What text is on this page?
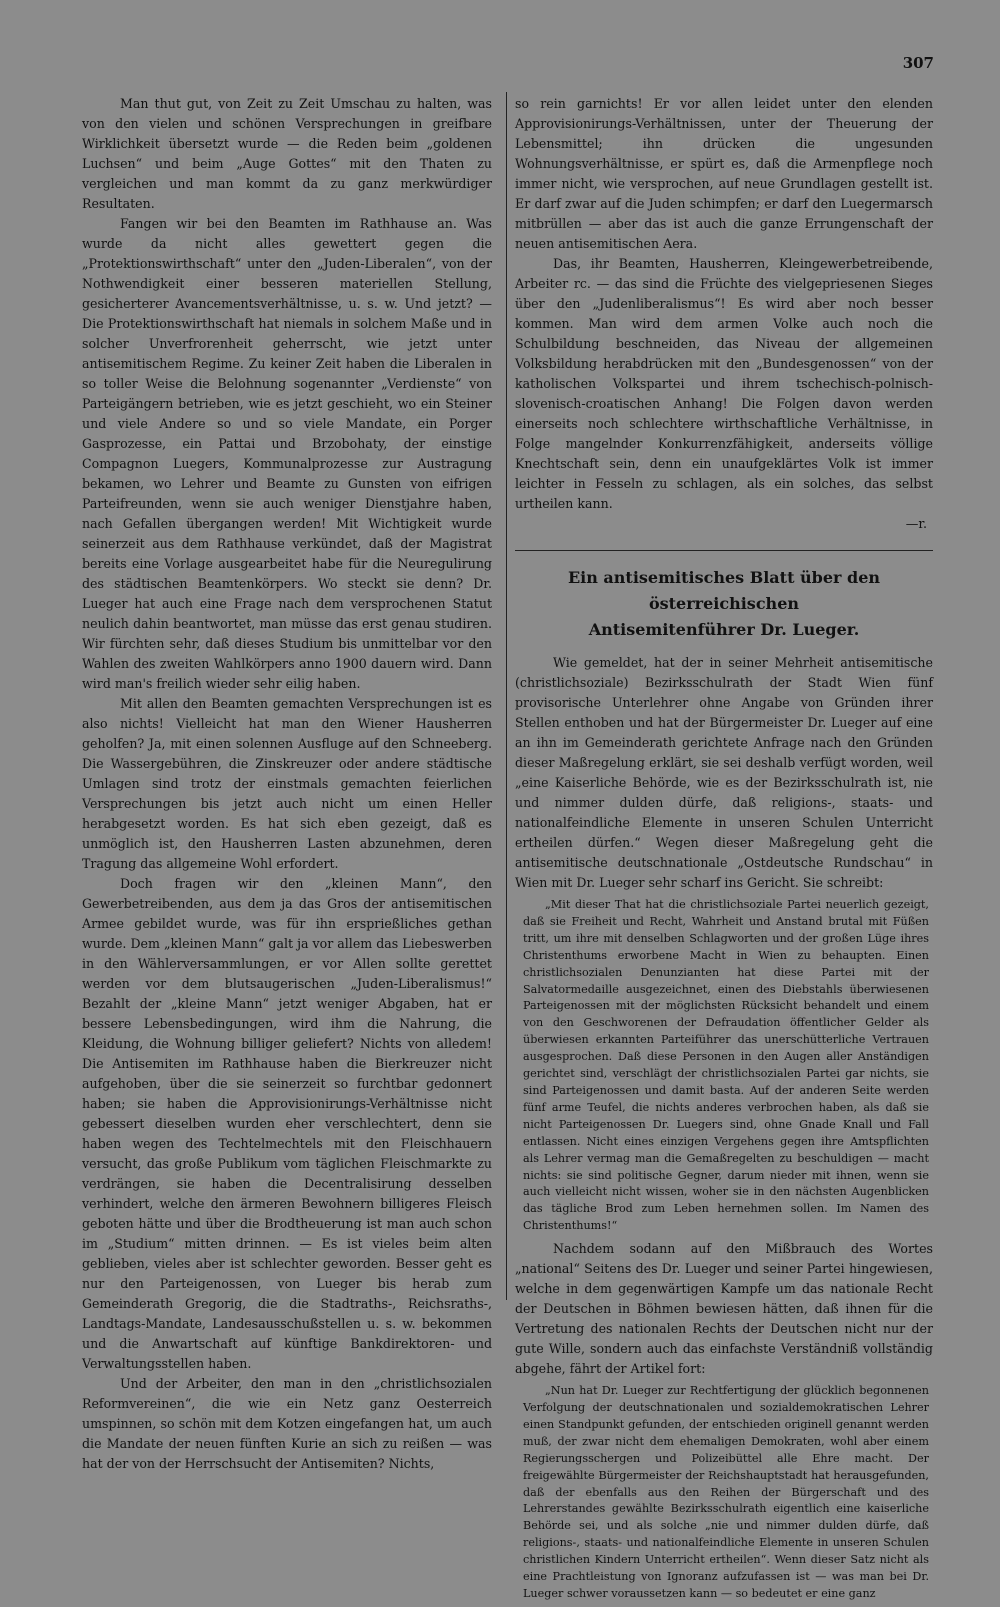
307

Man thut gut, von Zeit zu Zeit Umschau zu halten, was von den vielen und schönen Versprechungen in greifbare Wirklichkeit übersetzt wurde — die Reden beim „goldenen Luchsen“ und beim „Auge Gottes“ mit den Thaten zu vergleichen und man kommt da zu ganz merkwürdiger Resultaten.

Fangen wir bei den Beamten im Rathhause an. Was wurde da nicht alles gewettert gegen die „Protektionswirthschaft“ unter den „Juden-Liberalen“, von der Nothwendigkeit einer besseren materiellen Stellung, gesicherterer Avancementsverhältnisse, u. s. w. Und jetzt? — Die Protektionswirthschaft hat niemals in solchem Maße und in solcher Unverfrorenheit geherrscht, wie jetzt unter antisemitischem Regime. Zu keiner Zeit haben die Liberalen in so toller Weise die Belohnung sogenannter „Verdienste“ von Parteigängern betrieben, wie es jetzt geschieht, wo ein Steiner und viele Andere so und so viele Mandate, ein Porger Gasprozesse, ein Pattai und Brzobohaty, der einstige Compagnon Luegers, Kommunalprozesse zur Austragung bekamen, wo Lehrer und Beamte zu Gunsten von eifrigen Parteifreunden, wenn sie auch weniger Dienstjahre haben, nach Gefallen übergangen werden! Mit Wichtigkeit wurde seinerzeit aus dem Rathhause verkündet, daß der Magistrat bereits eine Vorlage ausgearbeitet habe für die Neuregulirung des städtischen Beamtenkörpers. Wo steckt sie denn? Dr. Lueger hat auch eine Frage nach dem versprochenen Statut neulich dahin beantwortet, man müsse das erst genau studiren. Wir fürchten sehr, daß dieses Studium bis unmittelbar vor den Wahlen des zweiten Wahlkörpers anno 1900 dauern wird. Dann wird man's freilich wieder sehr eilig haben.

Mit allen den Beamten gemachten Versprechungen ist es also nichts! Vielleicht hat man den Wiener Hausherren geholfen? Ja, mit einen solennen Ausfluge auf den Schneeberg. Die Wassergebühren, die Zinskreuzer oder andere städtische Umlagen sind trotz der einstmals gemachten feierlichen Versprechungen bis jetzt auch nicht um einen Heller herabgesetzt worden. Es hat sich eben gezeigt, daß es unmöglich ist, den Hausherren Lasten abzunehmen, deren Tragung das allgemeine Wohl erfordert.

Doch fragen wir den „kleinen Mann“, den Gewerbetreibenden, aus dem ja das Gros der antisemitischen Armee gebildet wurde, was für ihn ersprießliches gethan wurde. Dem „kleinen Mann“ galt ja vor allem das Liebeswerben in den Wählerversammlungen, er vor Allen sollte gerettet werden vor dem blutsaugerischen „Juden-Liberalismus!“ Bezahlt der „kleine Mann“ jetzt weniger Abgaben, hat er bessere Lebensbedingungen, wird ihm die Nahrung, die Kleidung, die Wohnung billiger geliefert? Nichts von alledem! Die Antisemiten im Rathhause haben die Bierkreuzer nicht aufgehoben, über die sie seinerzeit so furchtbar gedonnert haben; sie haben die Approvisionirungs-Verhältnisse nicht gebessert dieselben wurden eher verschlechtert, denn sie haben wegen des Techtelmechtels mit den Fleischhauern versucht, das große Publikum vom täglichen Fleischmarkte zu verdrängen, sie haben die Decentralisirung desselben verhindert, welche den ärmeren Bewohnern billigeres Fleisch geboten hätte und über die Brodtheuerung ist man auch schon im „Studium“ mitten drinnen. — Es ist vieles beim alten geblieben, vieles aber ist schlechter geworden. Besser geht es nur den Parteigenossen, von Lueger bis herab zum Gemeinderath Gregorig, die die Stadtraths-, Reichsraths-, Landtags-Mandate, Landesausschußstellen u. s. w. bekommen und die Anwartschaft auf künftige Bankdirektoren- und Verwaltungsstellen haben.

Und der Arbeiter, den man in den „christlichsozialen Reformvereinen“, die wie ein Netz ganz Oesterreich umspinnen, so schön mit dem Kotzen eingefangen hat, um auch die Mandate der neuen fünften Kurie an sich zu reißen — was hat der von der Herrschsucht der Antisemiten? Nichts,

so rein garnichts! Er vor allen leidet unter den elenden Approvisionirungs-Verhältnissen, unter der Theuerung der Lebensmittel; ihn drücken die ungesunden Wohnungsverhältnisse, er spürt es, daß die Armenpflege noch immer nicht, wie versprochen, auf neue Grundlagen gestellt ist. Er darf zwar auf die Juden schimpfen; er darf den Luegermarsch mitbrüllen — aber das ist auch die ganze Errungenschaft der neuen antisemitischen Aera.

Das, ihr Beamten, Hausherren, Kleingewerbetreibende, Arbeiter rc. — das sind die Früchte des vielgepriesenen Sieges über den „Judenliberalismus“! Es wird aber noch besser kommen. Man wird dem armen Volke auch noch die Schulbildung beschneiden, das Niveau der allgemeinen Volksbildung herabdrücken mit den „Bundesgenossen“ von der katholischen Volkspartei und ihrem tschechisch-polnisch-slovenisch-croatischen Anhang! Die Folgen davon werden einerseits noch schlechtere wirthschaftliche Verhältnisse, in Folge mangelnder Konkurrenzfähigkeit, anderseits völlige Knechtschaft sein, denn ein unaufgeklärtes Volk ist immer leichter in Fesseln zu schlagen, als ein solches, das selbst urtheilen kann.

—r.

Ein antisemitisches Blatt über den österreichischen
Antisemitenführer Dr. Lueger.

Wie gemeldet, hat der in seiner Mehrheit antisemitische (christlichsoziale) Bezirksschulrath der Stadt Wien fünf provisorische Unterlehrer ohne Angabe von Gründen ihrer Stellen enthoben und hat der Bürgermeister Dr. Lueger auf eine an ihn im Gemeinderath gerichtete Anfrage nach den Gründen dieser Maßregelung erklärt, sie sei deshalb verfügt worden, weil „eine Kaiserliche Behörde, wie es der Bezirksschulrath ist, nie und nimmer dulden dürfe, daß religions-, staats- und nationalfeindliche Elemente in unseren Schulen Unterricht ertheilen dürfen.“ Wegen dieser Maßregelung geht die antisemitische deutschnationale „Ostdeutsche Rundschau“ in Wien mit Dr. Lueger sehr scharf ins Gericht. Sie schreibt:

„Mit dieser That hat die christlichsoziale Partei neuerlich gezeigt, daß sie Freiheit und Recht, Wahrheit und Anstand brutal mit Füßen tritt, um ihre mit denselben Schlagworten und der großen Lüge ihres Christenthums erworbene Macht in Wien zu behaupten. Einen christlichsozialen Denunzianten hat diese Partei mit der Salvatormedaille ausgezeichnet, einen des Diebstahls überwiesenen Parteigenossen mit der möglichsten Rücksicht behandelt und einem von den Geschworenen der Defraudation öffentlicher Gelder als überwiesen erkannten Parteiführer das unerschütterliche Vertrauen ausgesprochen. Daß diese Personen in den Augen aller Anständigen gerichtet sind, verschlägt der christlichsozialen Partei gar nichts, sie sind Parteigenossen und damit basta. Auf der anderen Seite werden fünf arme Teufel, die nichts anderes verbrochen haben, als daß sie nicht Parteigenossen Dr. Luegers sind, ohne Gnade Knall und Fall entlassen. Nicht eines einzigen Vergehens gegen ihre Amtspflichten als Lehrer vermag man die Gemaßregelten zu beschuldigen — macht nichts: sie sind politische Gegner, darum nieder mit ihnen, wenn sie auch vielleicht nicht wissen, woher sie in den nächsten Augenblicken das tägliche Brod zum Leben hernehmen sollen. Im Namen des Christenthums!“

Nachdem sodann auf den Mißbrauch des Wortes „national“ Seitens des Dr. Lueger und seiner Partei hingewiesen, welche in dem gegenwärtigen Kampfe um das nationale Recht der Deutschen in Böhmen bewiesen hätten, daß ihnen für die Vertretung des nationalen Rechts der Deutschen nicht nur der gute Wille, sondern auch das einfachste Verständniß vollständig abgehe, fährt der Artikel fort:

„Nun hat Dr. Lueger zur Rechtfertigung der glücklich begonnenen Verfolgung der deutschnationalen und sozialdemokratischen Lehrer einen Standpunkt gefunden, der entschieden originell genannt werden muß, der zwar nicht dem ehemaligen Demokraten, wohl aber einem Regierungsschergen und Polizeibüttel alle Ehre macht. Der freigewählte Bürgermeister der Reichshauptstadt hat herausgefunden, daß der ebenfalls aus den Reihen der Bürgerschaft und des Lehrerstandes gewählte Bezirksschulrath eigentlich eine kaiserliche Behörde sei, und als solche „nie und nimmer dulden dürfe, daß religions-, staats- und nationalfeindliche Elemente in unseren Schulen christlichen Kindern Unterricht ertheilen“. Wenn dieser Satz nicht als eine Prachtleistung von Ignoranz aufzufassen ist — was man bei Dr. Lueger schwer voraussetzen kann — so bedeutet er eine ganz
